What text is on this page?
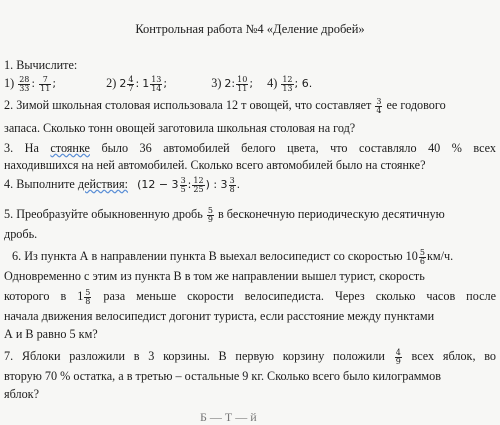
Контрольная работа №4 «Деление дробей»
1. Вычислите:
$1) \frac{28}{33}$ : $\frac{7}{11}$ ;	2) $2 \frac{4}{7}$ : $1 \frac{13}{14}$ ;	3) 2: $\frac{10}{11}$ ; $4) \frac{12}{13}$ ; 6.
2. Зимой школьная столовая использовала 12 т овощей, что составляет $\frac{3}{4}$ ее годового
запаса. Сколько тонн овощей заготовила школьная столовая на год?
3. На стоянке было 36 автомобилей белого цвета, что составляло 40 % всех
находившихся на ней автомобилей. Сколько всего автомобилей было на стоянке?
4. Выполните действия: ($12 - 3 \frac{3}{5}$ : $\frac{12}{25}$ ) : $3 \frac{3}{8}$ .
5. Преобразуйте обыкновенную дробь $\frac{5}{9}$ в бесконечную периодическую десятичную
дробь.
6. Из пункта А в направлении пункта В выехал велосипедист со скоростью $10 \frac{5}{6} км/ч$.
Одновременно с этим из пункта В в том же направлении вышел турист, скорость
которого в $1 \frac{5}{8}$ раза меньше скорости велосипедиста. Через сколько часов после
начала движения велосипедист догонит туриста, если расстояние между пунктами
А и В равно 5 км?
7. Яблоки разложили в 3 корзины. В первую корзину положили $\frac{4}{9}$ всех яблок, во
вторую 70 % остатка, а в третью – остальные 9 кг. Сколько всего было килограммов
яблок?
Б — Т — й
